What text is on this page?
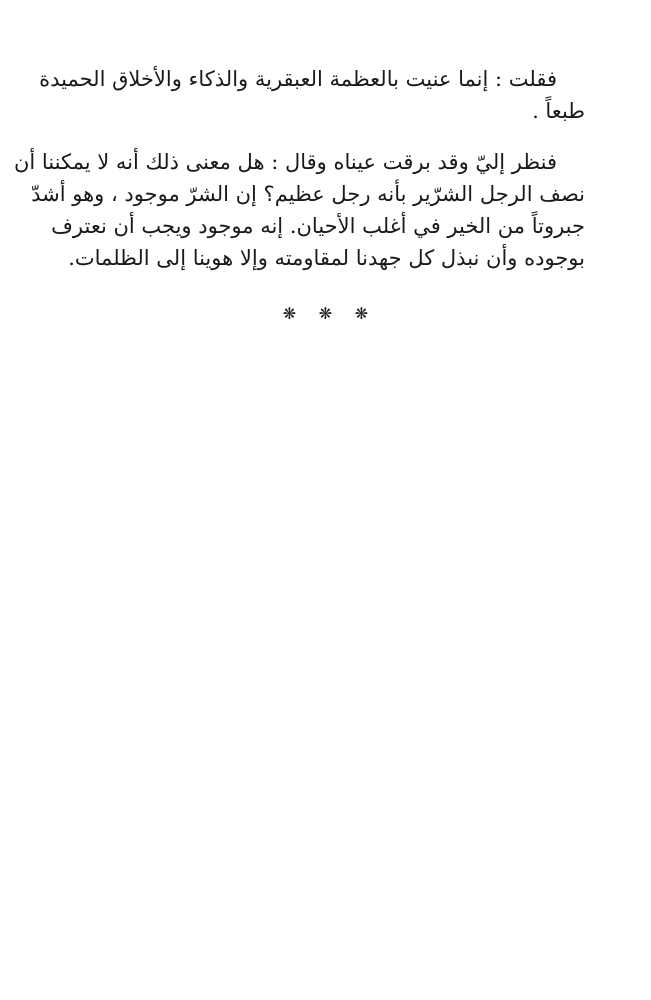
فقلت : إنما عنيت بالعظمة العبقرية والذكاء والأخلاق الحميدة
طبعاً .
فنظر إليّ وقد برقت عيناه وقال : هل معنى ذلك أنه لا يمكننا أن
نصف الرجل الشرّير بأنه رجل عظيم؟ إن الشرّ موجود ، وهو أشدّ
جبروتاً من الخير في أغلب الأحيان. إنه موجود ويجب أن نعترف
بوجوده وأن نبذل كل جهدنا لمقاومته وإلا هوينا إلى الظلمات.
❋ ❋ ❋
